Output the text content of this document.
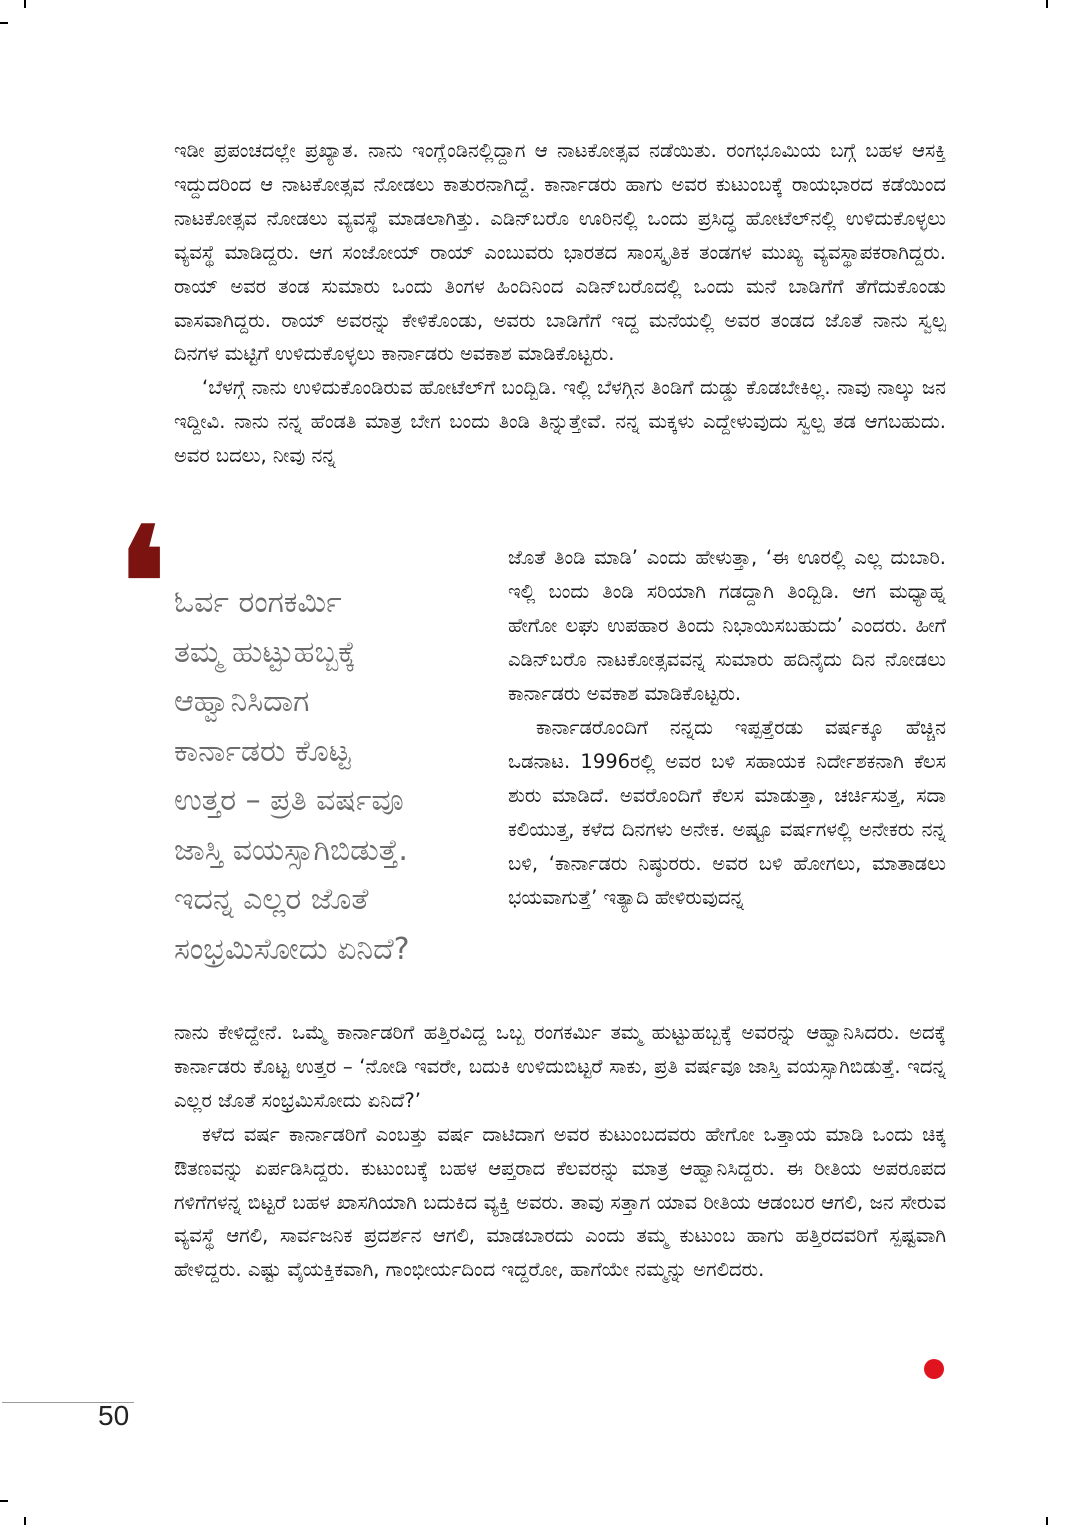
ಇಡೀ ಪ್ರಪಂಚದಲ್ಲೇ ಪ್ರಖ್ಯಾತ. ನಾನು ಇಂಗ್ಲೆಂಡಿನಲ್ಲಿದ್ದಾಗ ಆ ನಾಟಕೋತ್ಸವ ನಡೆಯಿತು. ರಂಗಭೂಮಿಯ ಬಗ್ಗೆ ಬಹಳ ಆಸಕ್ತಿ ಇದ್ದುದರಿಂದ ಆ ನಾಟಕೋತ್ಸವ ನೋಡಲು ಕಾತುರನಾಗಿದ್ದೆ. ಕಾರ್ನಾಡರು ಹಾಗು ಅವರ ಕುಟುಂಬಕ್ಕೆ ರಾಯಭಾರದ ಕಡೆಯಿಂದ ನಾಟಕೋತ್ಸವ ನೋಡಲು ವ್ಯವಸ್ಥೆ ಮಾಡಲಾಗಿತ್ತು. ಎಡಿನ್‌ಬರೊ ಊರಿನಲ್ಲಿ ಒಂದು ಪ್ರಸಿದ್ಧ ಹೋಟೆಲ್‌ನಲ್ಲಿ ಉಳಿದುಕೊಳ್ಳಲು ವ್ಯವಸ್ಥೆ ಮಾಡಿದ್ದರು. ಆಗ ಸಂಜೋಯ್ ರಾಯ್ ಎಂಬುವರು ಭಾರತದ ಸಾಂಸ್ಕೃತಿಕ ತಂಡಗಳ ಮುಖ್ಯ ವ್ಯವಸ್ಥಾಪಕರಾಗಿದ್ದರು. ರಾಯ್ ಅವರ ತಂಡ ಸುಮಾರು ಒಂದು ತಿಂಗಳ ಹಿಂದಿನಿಂದ ಎಡಿನ್‌ಬರೊದಲ್ಲಿ ಒಂದು ಮನೆ ಬಾಡಿಗೆಗೆ ತೆಗೆದುಕೊಂಡು ವಾಸವಾಗಿದ್ದರು. ರಾಯ್ ಅವರನ್ನು ಕೇಳಿಕೊಂಡು, ಅವರು ಬಾಡಿಗೆಗೆ ಇದ್ದ ಮನೆಯಲ್ಲಿ ಅವರ ತಂಡದ ಜೊತೆ ನಾನು ಸ್ವಲ್ಪ ದಿನಗಳ ಮಟ್ಟಿಗೆ ಉಳಿದುಕೊಳ್ಳಲು ಕಾರ್ನಾಡರು ಅವಕಾಶ ಮಾಡಿಕೊಟ್ಟರು.

‘ಬೆಳಗ್ಗೆ ನಾನು ಉಳಿದುಕೊಂಡಿರುವ ಹೋಟೆಲ್‌ಗೆ ಬಂದ್ಬಿಡಿ. ಇಲ್ಲಿ ಬೆಳಗ್ಗಿನ ತಿಂಡಿಗೆ ದುಡ್ಡು ಕೊಡಬೇಕಿಲ್ಲ. ನಾವು ನಾಲ್ಕು ಜನ ಇದ್ದೀವಿ. ನಾನು ನನ್ನ ಹೆಂಡತಿ ಮಾತ್ರ ಬೇಗ ಬಂದು ತಿಂಡಿ ತಿನ್ನುತ್ತೇವೆ. ನನ್ನ ಮಕ್ಕಳು ಎದ್ದೇಳುವುದು ಸ್ವಲ್ಪ ತಡ ಆಗಬಹುದು. ಅವರ ಬದಲು, ನೀವು ನನ್ನ

❛ ಓರ್ವ ರಂಗಕರ್ಮಿ

ತಮ್ಮ ಹುಟ್ಟುಹಬ್ಬಕ್ಕೆ

ಆಹ್ವಾನಿಸಿದಾಗ

ಕಾರ್ನಾಡರು ಕೊಟ್ಟ

ಉತ್ತರ – ಪ್ರತಿ ವರ್ಷವೂ

ಜಾಸ್ತಿ ವಯಸ್ಸಾಗಿಬಿಡುತ್ತೆ.

ಇದನ್ನ ಎಲ್ಲರ ಜೊತೆ

ಸಂಭ್ರಮಿಸೋದು ಏನಿದೆ?

ಜೊತೆ ತಿಂಡಿ ಮಾಡಿ’ ಎಂದು ಹೇಳುತ್ತಾ, ‘ಈ ಊರಲ್ಲಿ ಎಲ್ಲ ದುಬಾರಿ. ಇಲ್ಲಿ ಬಂದು ತಿಂಡಿ ಸರಿಯಾಗಿ ಗಡದ್ದಾಗಿ ತಿಂದ್ಬಿಡಿ. ಆಗ ಮಧ್ಯಾಹ್ನ ಹೇಗೋ ಲಘು ಉಪಹಾರ ತಿಂದು ನಿಭಾಯಿಸಬಹುದು’ ಎಂದರು. ಹೀಗೆ ಎಡಿನ್‌ಬರೊ ನಾಟಕೋತ್ಸವವನ್ನ ಸುಮಾರು ಹದಿನೈದು ದಿನ ನೋಡಲು ಕಾರ್ನಾಡರು ಅವಕಾಶ ಮಾಡಿಕೊಟ್ಟರು.

ಕಾರ್ನಾಡರೊಂದಿಗೆ ನನ್ನದು ಇಪ್ಪತ್ತೆರಡು ವರ್ಷಕ್ಕೂ ಹೆಚ್ಚಿನ ಒಡನಾಟ. 1996ರಲ್ಲಿ ಅವರ ಬಳಿ ಸಹಾಯಕ ನಿರ್ದೇಶಕನಾಗಿ ಕೆಲಸ ಶುರು ಮಾಡಿದೆ. ಅವರೊಂದಿಗೆ ಕೆಲಸ ಮಾಡುತ್ತಾ, ಚರ್ಚಿಸುತ್ತ, ಸದಾ ಕಲಿಯುತ್ತ, ಕಳೆದ ದಿನಗಳು ಅನೇಕ. ಅಷ್ಟೂ ವರ್ಷಗಳಲ್ಲಿ ಅನೇಕರು ನನ್ನ ಬಳಿ, ‘ಕಾರ್ನಾಡರು ನಿಷ್ಠುರರು. ಅವರ ಬಳಿ ಹೋಗಲು, ಮಾತಾಡಲು ಭಯವಾಗುತ್ತೆ’ ಇತ್ಯಾದಿ ಹೇಳಿರುವುದನ್ನ

ನಾನು ಕೇಳಿದ್ದೇನೆ. ಒಮ್ಮೆ ಕಾರ್ನಾಡರಿಗೆ ಹತ್ತಿರವಿದ್ದ ಒಬ್ಬ ರಂಗಕರ್ಮಿ ತಮ್ಮ ಹುಟ್ಟುಹಬ್ಬಕ್ಕೆ ಅವರನ್ನು ಆಹ್ವಾನಿಸಿದರು. ಅದಕ್ಕೆ ಕಾರ್ನಾಡರು ಕೊಟ್ಟ ಉತ್ತರ – ‘ನೋಡಿ ಇವರೇ, ಬದುಕಿ ಉಳಿದುಬಿಟ್ಟರೆ ಸಾಕು, ಪ್ರತಿ ವರ್ಷವೂ ಜಾಸ್ತಿ ವಯಸ್ಸಾಗಿಬಿಡುತ್ತೆ. ಇದನ್ನ ಎಲ್ಲರ ಜೊತೆ ಸಂಭ್ರಮಿಸೋದು ಏನಿದೆ?’

ಕಳೆದ ವರ್ಷ ಕಾರ್ನಾಡರಿಗೆ ಎಂಬತ್ತು ವರ್ಷ ದಾಟಿದಾಗ ಅವರ ಕುಟುಂಬದವರು ಹೇಗೋ ಒತ್ತಾಯ ಮಾಡಿ ಒಂದು ಚಿಕ್ಕ ಔತಣವನ್ನು ಏರ್ಪಡಿಸಿದ್ದರು. ಕುಟುಂಬಕ್ಕೆ ಬಹಳ ಆಪ್ತರಾದ ಕೆಲವರನ್ನು ಮಾತ್ರ ಆಹ್ವಾನಿಸಿದ್ದರು. ಈ ರೀತಿಯ ಅಪರೂಪದ ಗಳಿಗೆಗಳನ್ನ ಬಿಟ್ಟರೆ ಬಹಳ ಖಾಸಗಿಯಾಗಿ ಬದುಕಿದ ವ್ಯಕ್ತಿ ಅವರು. ತಾವು ಸತ್ತಾಗ ಯಾವ ರೀತಿಯ ಆಡಂಬರ ಆಗಲಿ, ಜನ ಸೇರುವ ವ್ಯವಸ್ಥೆ ಆಗಲಿ, ಸಾರ್ವಜನಿಕ ಪ್ರದರ್ಶನ ಆಗಲಿ, ಮಾಡಬಾರದು ಎಂದು ತಮ್ಮ ಕುಟುಂಬ ಹಾಗು ಹತ್ತಿರದವರಿಗೆ ಸ್ಪಷ್ಟವಾಗಿ ಹೇಳಿದ್ದರು. ಎಷ್ಟು ವೈಯಕ್ತಿಕವಾಗಿ, ಗಾಂಭೀರ್ಯದಿಂದ ಇದ್ದರೋ, ಹಾಗೆಯೇ ನಮ್ಮನ್ನು ಅಗಲಿದರು.

50
